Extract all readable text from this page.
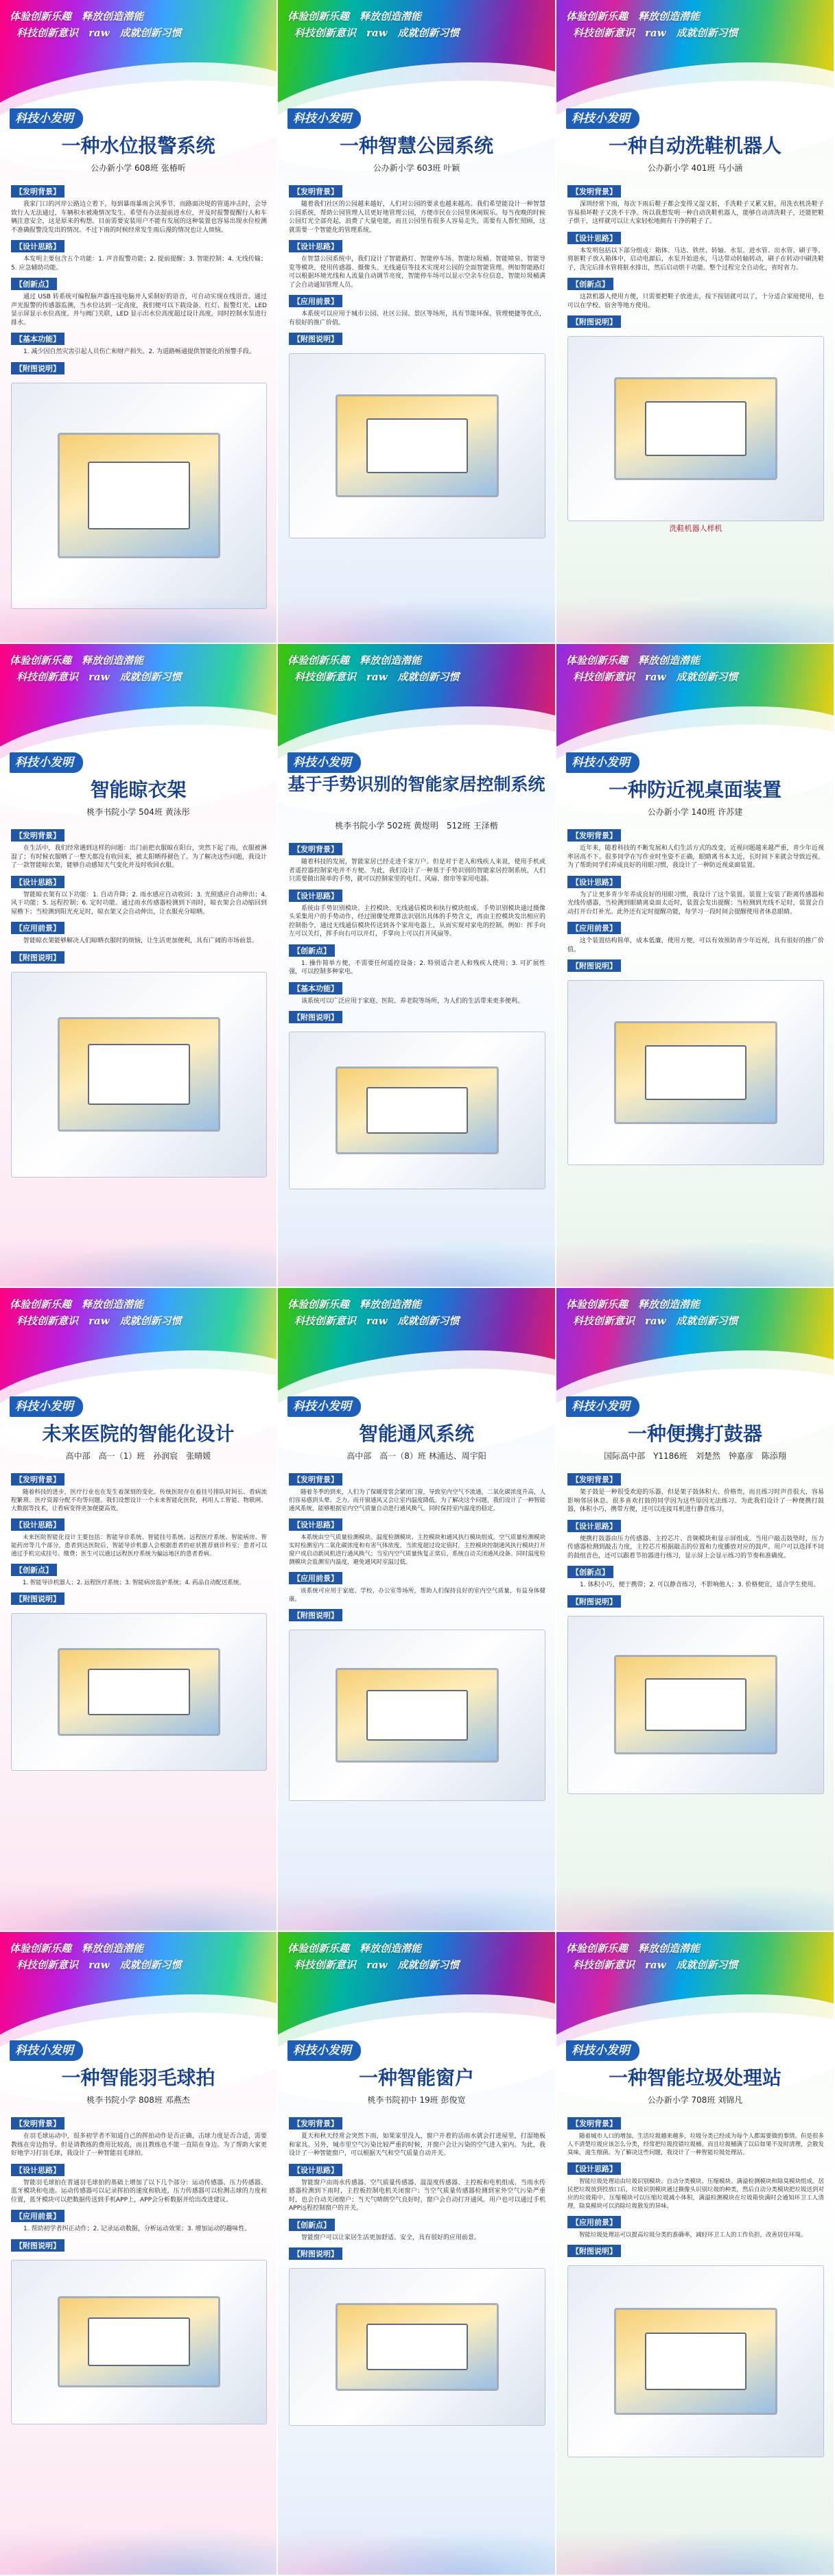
体验创新乐趣　释放创造潜能
科技创新意识　raw　成就创新习惯
科技小发明
一种水位报警系统
公办新小学 608班 张椿昕
【发明背景】
我家门口的河岸公路边立着下，每到暴雨暴雨会风季节，而路面决堤的管道冲击时，会导致行人无法通过，车辆积水被淹情况发生。希望有办法提前进水位，并及时报警提醒行人和车辆注意安全，这是原来的构想。目前需要安装用户不能有发展的这种装置也容易出现水位检测不准确报警没发出的情况。不过下雨的时候经常发生雨后漫的情况也让人烦恼。
【设计思路】
本发明主要包含五个功能：1. 声音报警功能；2. 提前提醒；3. 智能控制；4. 无线传输；5. 应急辅助功能。
【创新点】
通过 USB 转系统可编程脑声器连接电脑并人采制好的语音，可自动实现在线语音。通过声光报警的传感器监测，当水位达到一定高度，我们便可以下载设备、红灯、报警灯光、LED 显示屏显示水位高度。并与阀门关联，LED 显示出水位高度超过设计高度，同时控制水泵进行排水。
【基本功能】
1. 减少因自然灾害引起人员伤亡和财产损失。2. 为道路畅通提供智能化的预警手段。
【附图说明】
体验创新乐趣　释放创造潜能
科技创新意识　raw　成就创新习惯
科技小发明
一种智慧公园系统
公办新小学 603班 叶颖
【发明背景】
随着我们社区的公园越来越好，人们对公园的要求也越来越高。我们希望能设计一种智慧公园系统，帮助公园管理人员更好地管理公园，方便市民在公园里休闲娱乐。每当夜晚的时候公园灯光全部亮起，浪费了大量电能，而且公园里有很多人容易走失，需要有人帮忙照顾，这就需要一个智能化的管理系统。
【设计思路】
在智慧公园系统中，我们设计了智能路灯、智能停车场、智能垃圾桶、智能喷泉、智能导览等模块，使用传感器、摄像头、无线通信等技术实现对公园的全面智能管理。例如智能路灯可以根据环境光线和人流量自动调节亮度，智能停车场可以显示空余车位信息，智能垃圾桶满了会自动通知管理人员。
【应用前景】
本系统可以应用于城市公园、社区公园、景区等场所，具有节能环保、管理便捷等优点，有很好的推广价值。
【附图说明】
体验创新乐趣　释放创造潜能
科技创新意识　raw　成就创新习惯
科技小发明
一种自动洗鞋机器人
公办新小学 401班 马小涵
【发明背景】
深圳经常下雨，每次下雨后鞋子都会变得又湿又脏，手洗鞋子又累又脏，用洗衣机洗鞋子容易损坏鞋子又洗不干净。所以我想发明一种自动洗鞋机器人，能够自动清洗鞋子，还能把鞋子烘干，这样就可以让大家轻松地拥有干净的鞋子了。
【设计思路】
本发明包括以下部分组成：箱体、马达、铁丝、转轴、水泵、进水管、出水管、刷子等。将脏鞋子放入箱体中，启动电源后，水泵开始进水，马达带动转轴转动，刷子在转动中刷洗鞋子，洗完后排水管将脏水排出，然后启动烘干功能。整个过程完全自动化，省时省力。
【创新点】
这款机器人使用方便，只需要把鞋子放进去，按下按钮就可以了，十分适合家庭使用，也可以在学校、宿舍等地方使用。
【附图说明】
洗鞋机器人样机
体验创新乐趣　释放创造潜能
科技创新意识　raw　成就创新习惯
科技小发明
智能晾衣架
桃李书院小学 504班 黄泳彤
【发明背景】
在生活中，我们经常遇到这样的问题：出门前把衣服晾在阳台，突然下起了雨，衣服被淋湿了；有时候衣服晒了一整天都没有收回来，被太阳晒得褪色了。为了解决这些问题，我设计了一款智能晾衣架，能够自动感知天气变化并及时收回衣服。
【设计思路】
智能晾衣架有以下功能：1. 自动升降；2. 雨水感应自动收回；3. 光照感应自动伸出；4. 风干功能；5. 远程控制；6. 定时功能。通过雨水传感器检测到下雨时，晾衣架会自动缩回到屋檐下；当检测到阳光充足时，晾衣架又会自动伸出，让衣服充分晾晒。
【应用前景】
智能晾衣架能够解决人们晾晒衣服时的烦恼，让生活更加便利，具有广阔的市场前景。
【附图说明】
体验创新乐趣　释放创造潜能
科技创新意识　raw　成就创新习惯
科技小发明
基于手势识别的智能家居控制系统
桃李书院小学 502班 黄煜明　512班 王泽楷
【发明背景】
随着科技的发展，智能家居已经走进千家万户。但是对于老人和残疾人来说，使用手机或者遥控器控制家电并不方便。为此，我们设计了一种基于手势识别的智能家居控制系统，人们只需要做出简单的手势，就可以控制家里的电灯、风扇、窗帘等家用电器。
【设计思路】
系统由手势识别模块、主控模块、无线通信模块和执行模块组成。手势识别模块通过摄像头采集用户的手势动作，经过图像处理算法识别出具体的手势含义，再由主控模块发出相应的控制指令，通过无线通信模块传送到各个家用电器上，从而实现对家电的控制。例如：挥手向左可以关灯，挥手向右可以开灯，手掌向上可以打开风扇等。
【创新点】
1. 操作简单方便，不需要任何遥控设备；2. 特别适合老人和残疾人使用；3. 可扩展性强，可以控制多种家电。
【基本功能】
该系统可以广泛应用于家庭、医院、养老院等场所，为人们的生活带来更多便利。
【附图说明】
体验创新乐趣　释放创造潜能
科技创新意识　raw　成就创新习惯
科技小发明
一种防近视桌面装置
公办新小学 140班 许苏建
【发明背景】
近年来，随着科技的不断发展和人们生活方式的改变，近视问题越来越严重，青少年近视率居高不下。很多同学在写作业时坐姿不正确，眼睛离书本太近，长时间下来就会导致近视。为了帮助同学们养成良好的用眼习惯，我设计了一种防近视桌面装置。
【设计思路】
为了让更多青少年养成良好的用眼习惯，我设计了这个装置。装置上安装了距离传感器和光线传感器，当检测到眼睛离桌面太近时，装置会发出提醒；当检测到光线不足时，装置会自动打开台灯补光。此外还有定时提醒功能，每学习一段时间会提醒使用者休息眼睛。
【应用前景】
这个装置结构简单，成本低廉，使用方便，可以有效预防青少年近视，具有很好的推广价值。
【附图说明】
体验创新乐趣　释放创造潜能
科技创新意识　raw　成就创新习惯
科技小发明
未来医院的智能化设计
高中部　高一（1）班　孙润宸　张晴媛
【发明背景】
随着科技的进步，医疗行业也在发生着深刻的变化。传统医院存在着挂号排队时间长、看病流程繁琐、医疗资源分配不均等问题。我们设想设计一个未来智能化医院，利用人工智能、物联网、大数据等技术，让看病变得更加便捷高效。
【设计思路】
未来医院智能化设计主要包括：智能导诊系统、智能挂号系统、远程医疗系统、智能病房、智能药房等几个部分。患者到达医院后，智能导诊机器人会根据患者的症状推荐就诊科室；患者可以通过手机完成挂号、缴费；医生可以通过远程医疗系统为偏远地区的患者看病。
【创新点】
1. 智能导诊机器人；2. 远程医疗系统；3. 智能病房监护系统；4. 药品自动配送系统。
【附图说明】
体验创新乐趣　释放创造潜能
科技创新意识　raw　成就创新习惯
科技小发明
智能通风系统
高中部　高一（8）班 林浦达、周宇阳
【发明背景】
随着冬季的到来，人们为了保暖常常会紧闭门窗，导致室内空气不流通，二氧化碳浓度升高，人们容易感到头晕、乏力。而开窗通风又会让室内温度降低。为了解决这个问题，我们设计了一种智能通风系统，能够根据室内空气质量自动进行通风换气，同时保持室内温度的稳定。
【设计思路】
本系统由空气质量检测模块、温度检测模块、主控模块和通风执行模块组成。空气质量检测模块实时检测室内二氧化碳浓度和有害气体浓度，当浓度超过设定值时，主控模块控制通风执行模块打开窗户或启动新风机进行通风换气；当室内空气质量恢复正常后，系统自动关闭通风设备。同时温度检测模块会监测室内温度，避免通风时室温过低。
【应用前景】
该系统可应用于家庭、学校、办公室等场所，帮助人们保持良好的室内空气质量，有益身体健康。
【附图说明】
体验创新乐趣　释放创造潜能
科技创新意识　raw　成就创新习惯
科技小发明
一种便携打鼓器
国际高中部　Y1186班　刘楚然　钟嘉彦　陈添翔
【发明背景】
架子鼓是一种很受欢迎的乐器，但是架子鼓体积大、价格贵，而且练习时声音很大，容易影响邻居休息。很多喜欢打鼓的同学因为这些原因无法练习。为此我们设计了一种便携打鼓器，体积小巧，携带方便，还可以连接耳机进行静音练习。
【设计思路】
便携打鼓器由压力传感器、主控芯片、音频模块和显示屏组成。当用户敲击鼓垫时，压力传感器检测到敲击力度，主控芯片根据敲击的位置和力度播放对应的鼓声。用户可以选择不同的鼓组音色，还可以跟着节拍器进行练习，显示屏上会显示练习的节奏和准确度。
【创新点】
1. 体积小巧，便于携带；2. 可以静音练习，不影响他人；3. 价格便宜，适合学生使用。
【附图说明】
体验创新乐趣　释放创造潜能
科技创新意识　raw　成就创新习惯
科技小发明
一种智能羽毛球拍
桃李书院小学 808班 邓燕杰
【发明背景】
在羽毛球运动中，很多初学者不知道自己的挥拍动作是否正确，击球力度是否合适，需要教练在旁边指导。但是请教练的费用比较高，而且教练也不能一直陪在身边。为了帮助大家更好地学习打羽毛球，我设计了一种智能羽毛球拍。
【设计思路】
智能羽毛球拍在普通羽毛球拍的基础上增加了以下几个部分：运动传感器、压力传感器、蓝牙模块和电池。运动传感器可以记录挥拍的速度和轨迹，压力传感器可以检测击球的力度和位置，蓝牙模块可以把数据传送到手机APP上，APP会分析数据并给出改进建议。
【应用前景】
1. 帮助初学者纠正动作；2. 记录运动数据，分析运动效果；3. 增加运动的趣味性。
【附图说明】
体验创新乐趣　释放创造潜能
科技创新意识　raw　成就创新习惯
科技小发明
一种智能窗户
桃李书院初中 19班 彭俊宽
【发明背景】
夏天和秋天经常会突然下雨，如果家里没人，窗户开着的话雨水就会打进屋里，打湿地板和家具。另外，城市里空气污染比较严重的时候，开窗户会让污染的空气进入室内。为此，我设计了一种智能窗户，可以根据天气和空气质量自动开关。
【设计思路】
智能窗户由雨水传感器、空气质量传感器、温湿度传感器、主控板和电机组成。当雨水传感器检测到下雨时，主控板控制电机关闭窗户；当空气质量传感器检测到室外空气污染严重时，也会自动关闭窗户；当天气晴朗空气良好时，窗户会自动打开通风。用户也可以通过手机APP远程控制窗户的开关。
【创新点】
智能窗户可以让家居生活更加舒适、安全，具有很好的应用前景。
【附图说明】
体验创新乐趣　释放创造潜能
科技创新意识　raw　成就创新习惯
科技小发明
一种智能垃圾处理站
公办新小学 708班 刘锦凡
【发明背景】
随着城市人口的增加，生活垃圾越来越多，垃圾分类已经成为每个人都需要做的事情。但是很多人不清楚垃圾应该怎么分类，经常把垃圾投错垃圾桶。而且垃圾桶满了以后如果不及时清理，会散发臭味，滋生细菌。为了解决这些问题，我设计了一种智能垃圾处理站。
【设计思路】
智能垃圾处理站由垃圾识别模块、自动分类模块、压缩模块、满溢检测模块和除臭模块组成。居民把垃圾放到投放口后，垃圾识别模块通过摄像头识别垃圾的种类，然后自动分类模块把垃圾送到对应的垃圾箱中。压缩模块可以压缩垃圾减小体积，满溢检测模块在垃圾箱快满时会通知环卫工人清理，除臭模块可以消除垃圾散发的异味。
【应用前景】
智能垃圾处理站可以提高垃圾分类的准确率，减轻环卫工人的工作负担，改善居住环境。
【附图说明】
